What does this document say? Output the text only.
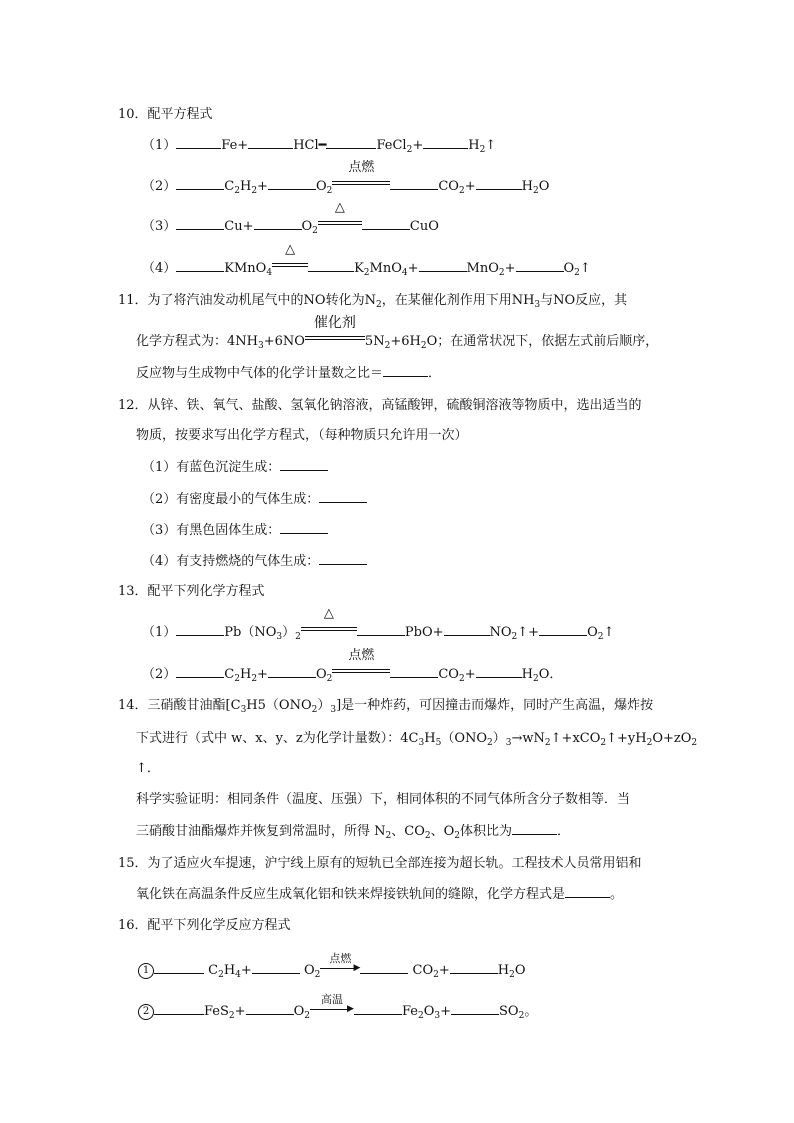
10．配平方程式
（1）	Fe+	HCl━	FeCl$_2$+	$H_2↑$
（2）	$C_2H_2+$	$O_2$
点燃
$CO_2+$	$H_2O$
（3）	Cu+	$O_2$
△
CuO
（4）	KMnO$_4$
△
$K_2MnO_4+$	MnO$_2$+	$O_2↑$
11．为了将汽油发动机尾气中的NO转化为$N_2$，在某催化剂作用下用$NH_3$与NO反应，其
化学方程式为：$4NH_3+6NO$
催化剂
$5N_2+6H_2O$；在通常状况下，依据左式前后顺序，
反应物与生成物中气体的化学计量数之比＝	．
12．从锌、铁、氧气、盐酸、氢氧化钠溶液，高锰酸钾，硫酸铜溶液等物质中，选出适当的
物质，按要求写出化学方程式，（每种物质只允许用一次）
（1）有蓝色沉淀生成：
（2）有密度最小的气体生成：
（3）有黑色固体生成：
（4）有支持燃烧的气体生成：
13．配平下列化学方程式
（1）	$Pb(NO_3)_2$
△
PbO+	$NO_2↑+$	$O_2↑$
（2）	$C_2H_2+$	$O_2$
点燃
$CO_2+$	$H_2O$．
14．三硝酸甘油酯$[C_3H5(ONO_2)_3]$是一种炸药，可因撞击而爆炸，同时产生高温，爆炸按
下式进行（式中 w、x、y、z为化学计量数）：$4C_3H_5(ONO_2)_3\to wN_2↑+xCO_2↑+yH_2O+zO_2$
↑．
科学实验证明：相同条件（温度、压强）下，相同体积的不同气体所含分子数相等．当
三硝酸甘油酯爆炸并恢复到常温时，所得 $N_2$、$CO_2$、$O_2$体积比为	．
15．为了适应火车提速，沪宁线上原有的短轨已全部连接为超长轨。工程技术人员常用铝和
氧化铁在高温条件反应生成氧化铝和铁来焊接铁轨间的缝隙，化学方程式是	。
16．配平下列化学反应方程式
1	$C_2H_4+$	$O_2$
点燃
▶	$CO_2+$	$H_2O$
2	FeS$_2$+	$O_2$
高温
▶	$Fe_2O_3+$	$SO_2$。
